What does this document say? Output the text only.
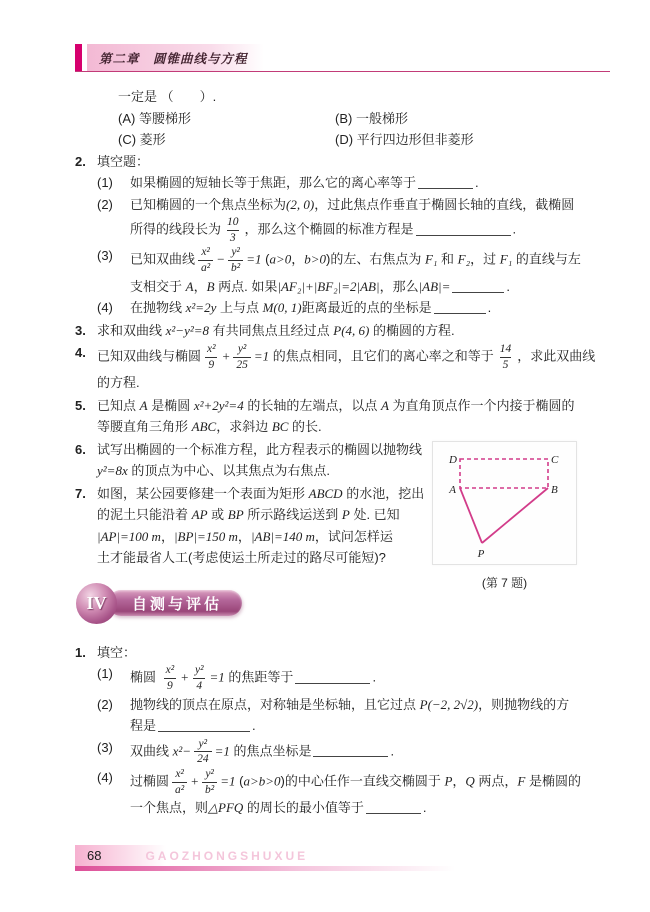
第二章　圆锥曲线与方程
一定是 （　　）.
(A) 等腰梯形	(B) 一般梯形
(C) 菱形	(D) 平行四边形但非菱形
2. 填空题：
(1) 如果椭圆的短轴长等于焦距，那么它的离心率等于	.
(2) 已知椭圆的一个焦点坐标为(2, 0)，过此焦点作垂直于椭圆长轴的直线，截椭圆
所得的线段长为 $\frac{10}{3}$ ，那么这个椭圆的标准方程是	.
(3) 已知双曲线 $\frac{\text{x²}}{\text{a²}} - \frac{\text{y²}}{\text{b²}} =1$ (a>0，b>0)的左、右焦点为 F₁ 和 F₂，过 F₁ 的直线与左
支相交于 A，B 两点. 如果|AF₂|+|BF₂|=2|AB|，那么|AB|=	.
(4) 在抛物线 x²=2y 上与点 M(0, 1)距离最近的点的坐标是	.
3. 求和双曲线 x²−y²=8 有共同焦点且经过点 P(4, 6) 的椭圆的方程.
4. 已知双曲线与椭圆 $\frac{\text{x²}}{9} + \frac{\text{y²}}{25} =1$ 的焦点相同，且它们的离心率之和等于 $\frac{14}{5}$ ，求此双曲线
的方程.
5. 已知点 A 是椭圆 x²+2y²=4 的长轴的左端点，以点 A 为直角顶点作一个内接于椭圆的
等腰直角三角形 ABC，求斜边 BC 的长.
D	C
A	B
P
(第 7 题)
6. 试写出椭圆的一个标准方程，此方程表示的椭圆以抛物线
y²=8x 的顶点为中心、以其焦点为右焦点.
7. 如图，某公园要修建一个表面为矩形 ABCD 的水池，挖出
的泥土只能沿着 AP 或 BP 所示路线运送到 P 处. 已知
|AP|=100 m，|BP|=150 m，|AB|=140 m，试问怎样运
土才能最省人工(考虑使运土所走过的路尽可能短)?
IV 自测与评估
1. 填空：
(1) 椭圆 $\frac{\text{x²}}{9} + \frac{\text{y²}}{4} =1$ 的焦距等于	.
(2) 抛物线的顶点在原点，对称轴是坐标轴，且它过点 P(−2, 2√2)，则抛物线的方
程是	.
(3) 双曲线 $x^2- \frac{\text{y²}}{24} =1$ 的焦点坐标是	.
(4) 过椭圆 $\frac{\text{x²}}{\text{a²}} + \frac{\text{y²}}{\text{b²}} =1$ (a>b>0)的中心任作一直线交椭圆于 P，Q 两点，F 是椭圆的
一个焦点，则△PFQ 的周长的最小值等于	.
68	GAOZHONGSHUXUE
